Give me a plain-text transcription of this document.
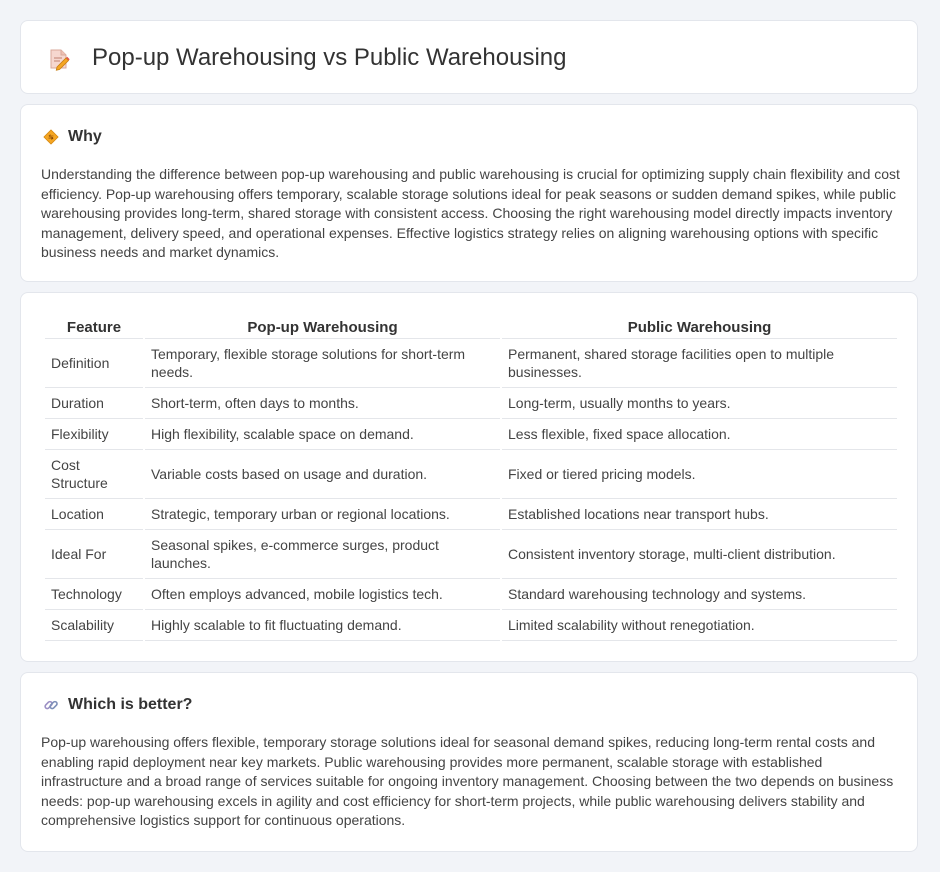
Pop-up Warehousing vs Public Warehousing
Why

Understanding the difference between pop-up warehousing and public warehousing is crucial for optimizing supply chain flexibility and cost efficiency. Pop-up warehousing offers temporary, scalable storage solutions ideal for peak seasons or sudden demand spikes, while public warehousing provides long-term, shared storage with consistent access. Choosing the right warehousing model directly impacts inventory management, delivery speed, and operational expenses. Effective logistics strategy relies on aligning warehousing options with specific business needs and market dynamics.

Feature	Pop-up Warehousing	Public Warehousing
Definition	Temporary, flexible storage solutions for short-term needs.	Permanent, shared storage facilities open to multiple businesses.
Duration	Short-term, often days to months.	Long-term, usually months to years.
Flexibility	High flexibility, scalable space on demand.	Less flexible, fixed space allocation.
Cost Structure	Variable costs based on usage and duration.	Fixed or tiered pricing models.
Location	Strategic, temporary urban or regional locations.	Established locations near transport hubs.
Ideal For	Seasonal spikes, e-commerce surges, product launches.	Consistent inventory storage, multi-client distribution.
Technology	Often employs advanced, mobile logistics tech.	Standard warehousing technology and systems.
Scalability	Highly scalable to fit fluctuating demand.	Limited scalability without renegotiation.
Which is better?

Pop-up warehousing offers flexible, temporary storage solutions ideal for seasonal demand spikes, reducing long-term rental costs and enabling rapid deployment near key markets. Public warehousing provides more permanent, scalable storage with established infrastructure and a broad range of services suitable for ongoing inventory management. Choosing between the two depends on business needs: pop-up warehousing excels in agility and cost efficiency for short-term projects, while public warehousing delivers stability and comprehensive logistics support for continuous operations.
